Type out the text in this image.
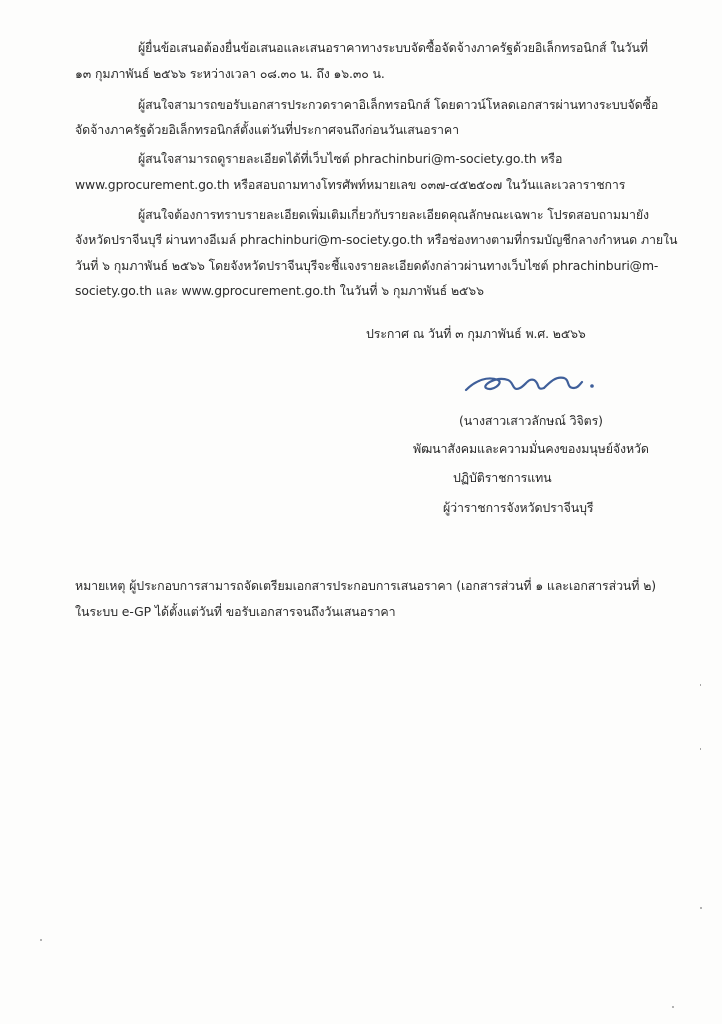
ผู้ยื่นข้อเสนอต้องยื่นข้อเสนอและเสนอราคาทางระบบจัดซื้อจัดจ้างภาครัฐด้วยอิเล็กทรอนิกส์ ในวันที่
๑๓ กุมภาพันธ์ ๒๕๖๖ ระหว่างเวลา ๐๘.๓๐ น. ถึง ๑๖.๓๐ น.
ผู้สนใจสามารถขอรับเอกสารประกวดราคาอิเล็กทรอนิกส์ โดยดาวน์โหลดเอกสารผ่านทางระบบจัดซื้อ
จัดจ้างภาครัฐด้วยอิเล็กทรอนิกส์ตั้งแต่วันที่ประกาศจนถึงก่อนวันเสนอราคา
ผู้สนใจสามารถดูรายละเอียดได้ที่เว็บไซต์ phrachinburi@m-society.go.th หรือ
www.gprocurement.go.th หรือสอบถามทางโทรศัพท์หมายเลข ๐๓๗-๔๕๒๕๐๗ ในวันและเวลาราชการ
ผู้สนใจต้องการทราบรายละเอียดเพิ่มเติมเกี่ยวกับรายละเอียดคุณลักษณะเฉพาะ โปรดสอบถามมายัง
จังหวัดปราจีนบุรี ผ่านทางอีเมล์ phrachinburi@m-society.go.th หรือช่องทางตามที่กรมบัญชีกลางกำหนด ภายใน
วันที่ ๖ กุมภาพันธ์ ๒๕๖๖ โดยจังหวัดปราจีนบุรีจะชี้แจงรายละเอียดดังกล่าวผ่านทางเว็บไซต์ phrachinburi@m-
society.go.th และ www.gprocurement.go.th ในวันที่ ๖ กุมภาพันธ์ ๒๕๖๖
ประกาศ ณ วันที่ ๓ กุมภาพันธ์ พ.ศ. ๒๕๖๖
(นางสาวเสาวลักษณ์ วิจิตร)
พัฒนาสังคมและความมั่นคงของมนุษย์จังหวัด
ปฏิบัติราชการแทน
ผู้ว่าราชการจังหวัดปราจีนบุรี
หมายเหตุ ผู้ประกอบการสามารถจัดเตรียมเอกสารประกอบการเสนอราคา (เอกสารส่วนที่ ๑ และเอกสารส่วนที่ ๒)
ในระบบ e-GP ได้ตั้งแต่วันที่ ขอรับเอกสารจนถึงวันเสนอราคา
